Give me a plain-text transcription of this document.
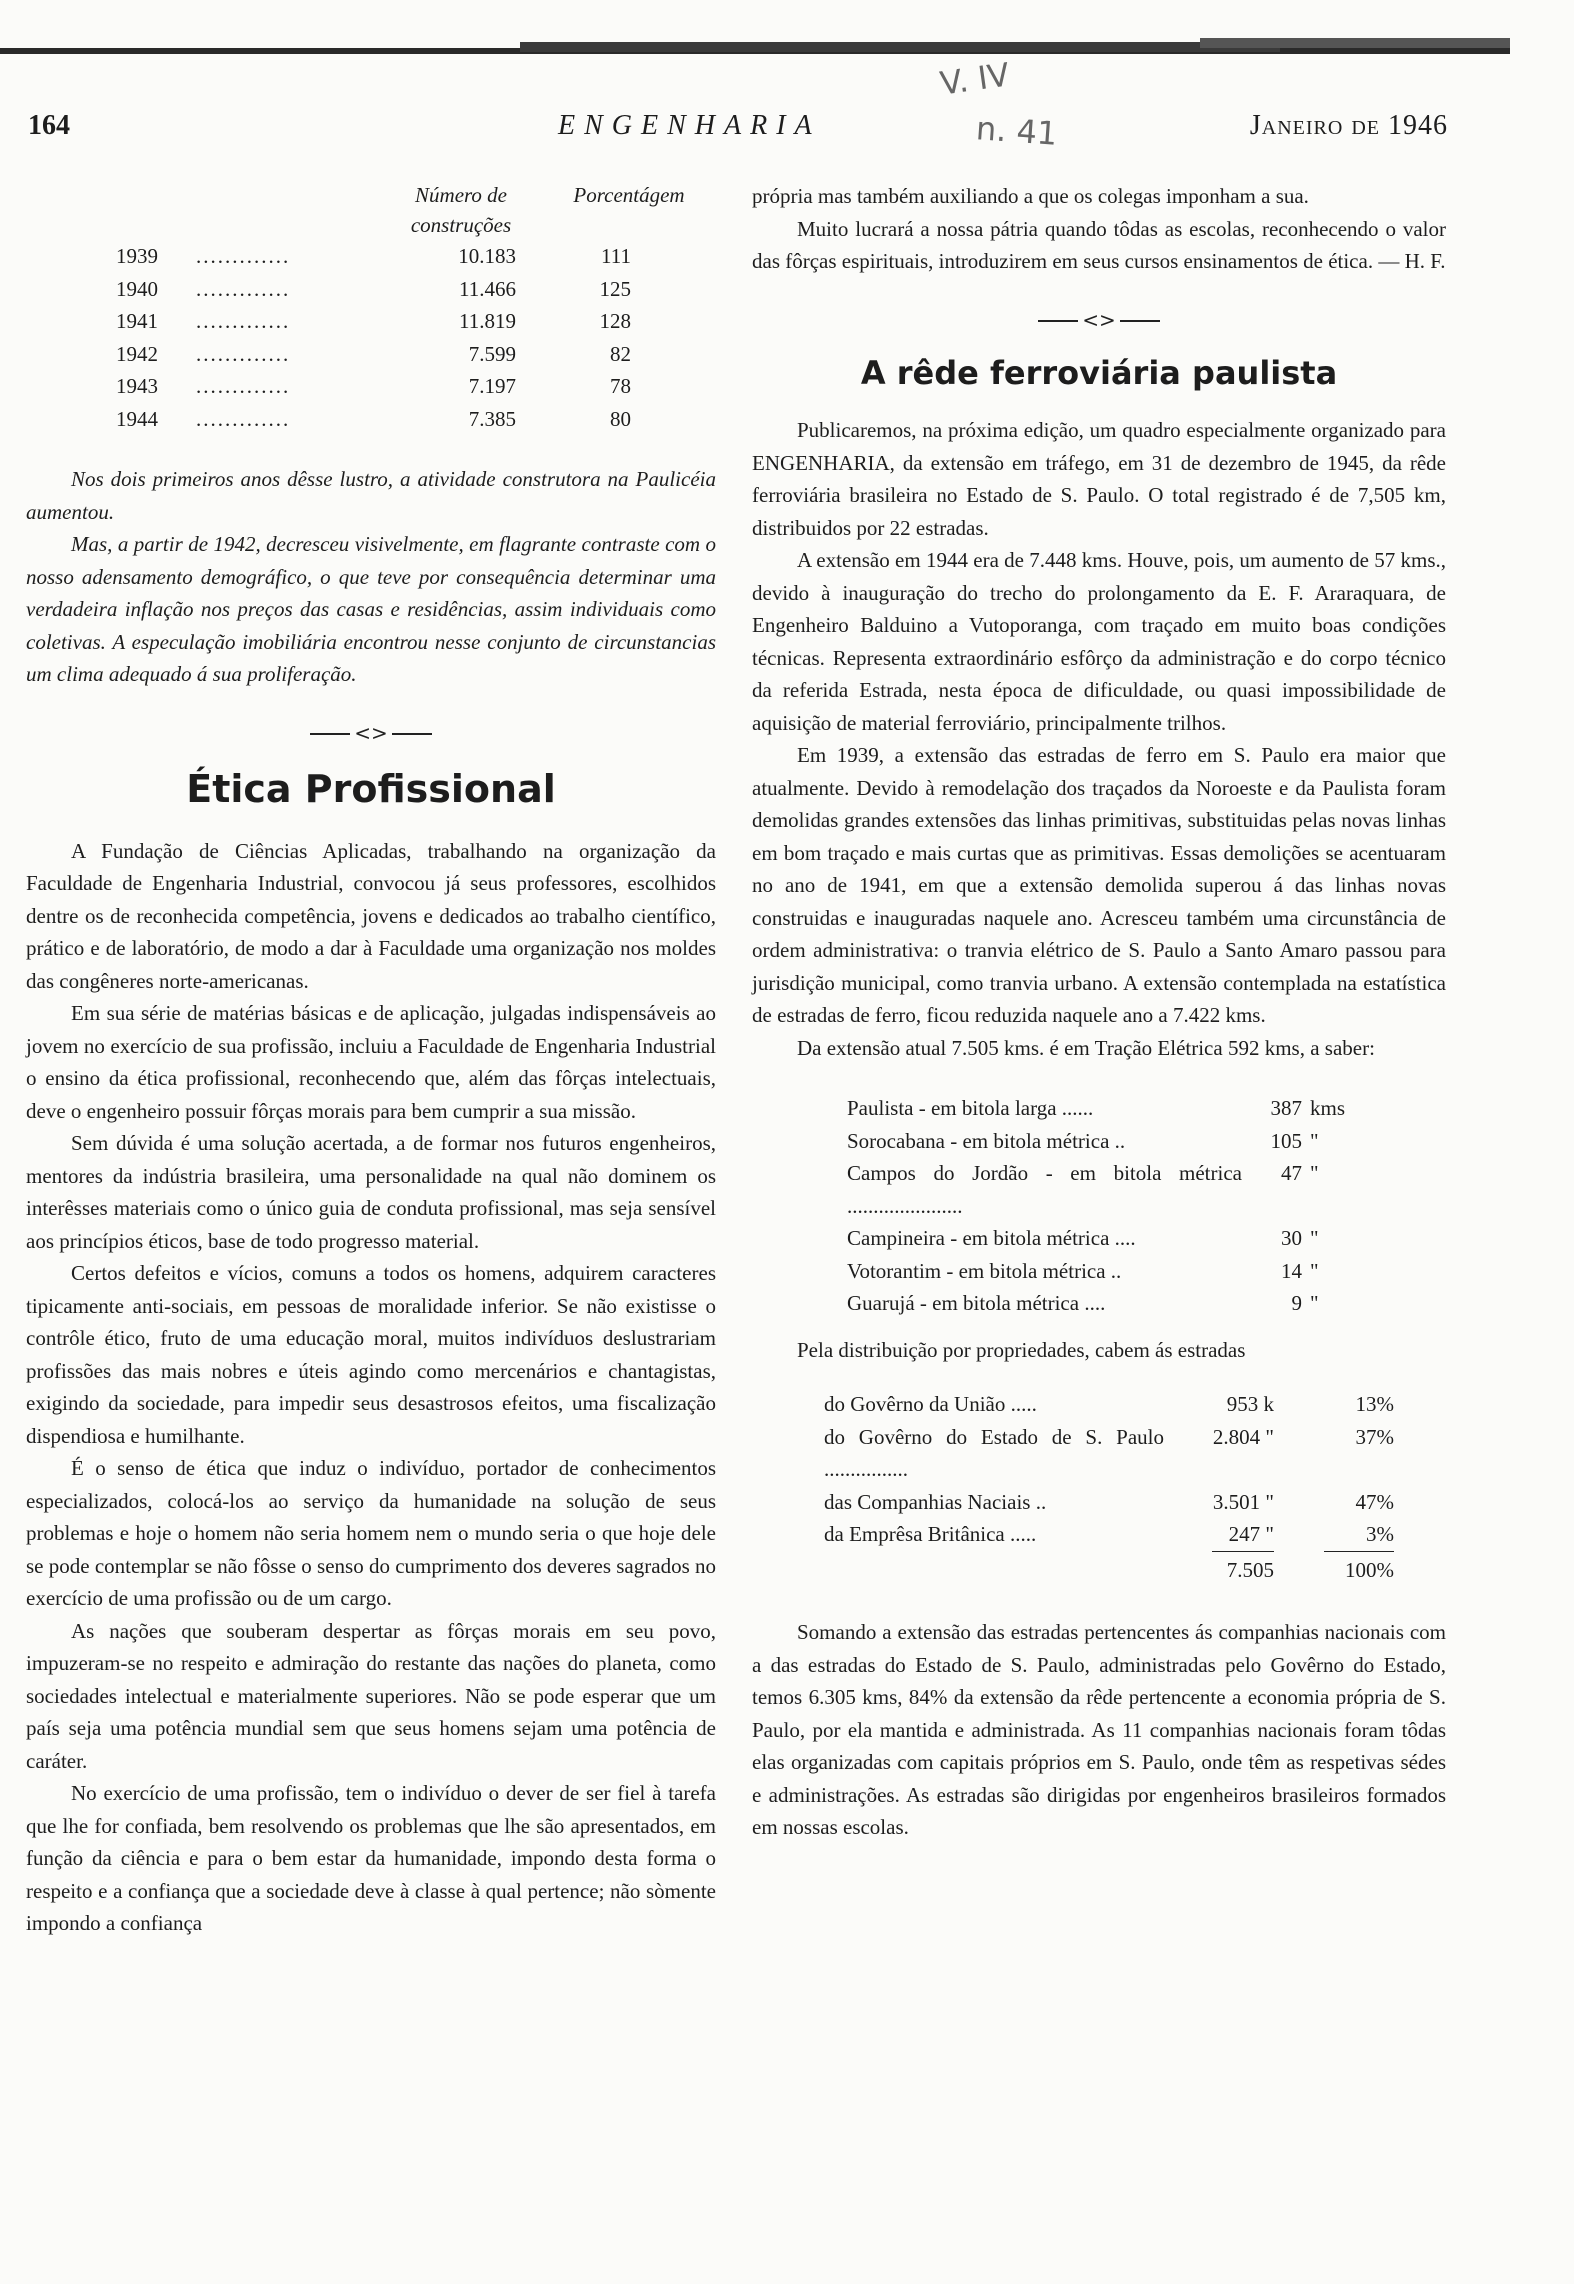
164	ENGENHARIA	Janeiro de 1946
V. IV
n. 41
Número de construções
Porcentágem
1939	.............	10.183	111
1940	.............	11.466	125
1941	.............	11.819	128
1942	.............	7.599	82
1943	.............	7.197	78
1944	.............	7.385	80

Nos dois primeiros anos dêsse lustro, a atividade construtora na Paulicéia aumentou.

Mas, a partir de 1942, decresceu visivelmente, em flagrante contraste com o nosso adensamento demográfico, o que teve por consequência determinar uma verdadeira inflação nos preços das casas e residências, assim individuais como coletivas. A especulação imobiliária encontrou nesse conjunto de circunstancias um clima adequado á sua proliferação.

<>
Ética Profissional

A Fundação de Ciências Aplicadas, trabalhando na organização da Faculdade de Engenharia Industrial, convocou já seus professores, escolhidos dentre os de reconhecida competência, jovens e dedicados ao trabalho científico, prático e de laboratório, de modo a dar à Faculdade uma organização nos moldes das congêneres norte-americanas.

Em sua série de matérias básicas e de aplicação, julgadas indispensáveis ao jovem no exercício de sua profissão, incluiu a Faculdade de Engenharia Industrial o ensino da ética profissional, reconhecendo que, além das fôrças intelectuais, deve o engenheiro possuir fôrças morais para bem cumprir a sua missão.

Sem dúvida é uma solução acertada, a de formar nos futuros engenheiros, mentores da indústria brasileira, uma personalidade na qual não dominem os interêsses materiais como o único guia de conduta profissional, mas seja sensível aos princípios éticos, base de todo progresso material.

Certos defeitos e vícios, comuns a todos os homens, adquirem caracteres tipicamente anti-sociais, em pessoas de moralidade inferior. Se não existisse o contrôle ético, fruto de uma educação moral, muitos indivíduos deslustrariam profissões das mais nobres e úteis agindo como mercenários e chantagistas, exigindo da sociedade, para impedir seus desastrosos efeitos, uma fiscalização dispendiosa e humilhante.

É o senso de ética que induz o indivíduo, portador de conhecimentos especializados, colocá-los ao serviço da humanidade na solução de seus problemas e hoje o homem não seria homem nem o mundo seria o que hoje dele se pode contemplar se não fôsse o senso do cumprimento dos deveres sagrados no exercício de uma profissão ou de um cargo.

As nações que souberam despertar as fôrças morais em seu povo, impuzeram-se no respeito e admiração do restante das nações do planeta, como sociedades intelectual e materialmente superiores. Não se pode esperar que um país seja uma potência mundial sem que seus homens sejam uma potência de caráter.

No exercício de uma profissão, tem o indivíduo o dever de ser fiel à tarefa que lhe for confiada, bem resolvendo os problemas que lhe são apresentados, em função da ciência e para o bem estar da humanidade, impondo desta forma o respeito e a confiança que a sociedade deve à classe à qual pertence; não sòmente impondo a confiança

própria mas também auxiliando a que os colegas imponham a sua.

Muito lucrará a nossa pátria quando tôdas as escolas, reconhecendo o valor das fôrças espirituais, introduzirem em seus cursos ensinamentos de ética. — H. F.

<>
A rêde ferroviária paulista

Publicaremos, na próxima edição, um quadro especialmente organizado para ENGENHARIA, da extensão em tráfego, em 31 de dezembro de 1945, da rêde ferroviária brasileira no Estado de S. Paulo. O total registrado é de 7,505 km, distribuidos por 22 estradas.

A extensão em 1944 era de 7.448 kms. Houve, pois, um aumento de 57 kms., devido à inauguração do trecho do prolongamento da E. F. Araraquara, de Engenheiro Balduino a Vutoporanga, com traçado em muito boas condições técnicas. Representa extraordinário esfôrço da administração e do corpo técnico da referida Estrada, nesta época de dificuldade, ou quasi impossibilidade de aquisição de material ferroviário, principalmente trilhos.

Em 1939, a extensão das estradas de ferro em S. Paulo era maior que atualmente. Devido à remodelação dos traçados da Noroeste e da Paulista foram demolidas grandes extensões das linhas primitivas, substituidas pelas novas linhas em bom traçado e mais curtas que as primitivas. Essas demolições se acentuaram no ano de 1941, em que a extensão demolida superou á das linhas novas construidas e inauguradas naquele ano. Acresceu também uma circunstância de ordem administrativa: o tranvia elétrico de S. Paulo a Santo Amaro passou para jurisdição municipal, como tranvia urbano. A extensão contemplada na estatística de estradas de ferro, ficou reduzida naquele ano a 7.422 kms.

Da extensão atual 7.505 kms. é em Tração Elétrica 592 kms, a saber:

Paulista - em bitola larga ......	387 kms
Sorocabana - em bitola métrica ..	105 "
Campos do Jordão - em bitola métrica ......................
47 "
Campineira - em bitola métrica ....	30 "
Votorantim - em bitola métrica ..	14 "
Guarujá - em bitola métrica ....	9 "

Pela distribuição por propriedades, cabem ás estradas

do Govêrno da União .....	953 k	13%
do Govêrno do Estado de S. Paulo ................
2.804 "	37%
das Companhias Naciais ..	3.501 "	47%
da Emprêsa Britânica .....	247 "	3%
7.505	100%

Somando a extensão das estradas pertencentes ás companhias nacionais com a das estradas do Estado de S. Paulo, administradas pelo Govêrno do Estado, temos 6.305 kms, 84% da extensão da rêde pertencente a economia própria de S. Paulo, por ela mantida e administrada. As 11 companhias nacionais foram tôdas elas organizadas com capitais próprios em S. Paulo, onde têm as respetivas sédes e administrações. As estradas são dirigidas por engenheiros brasileiros formados em nossas escolas.
